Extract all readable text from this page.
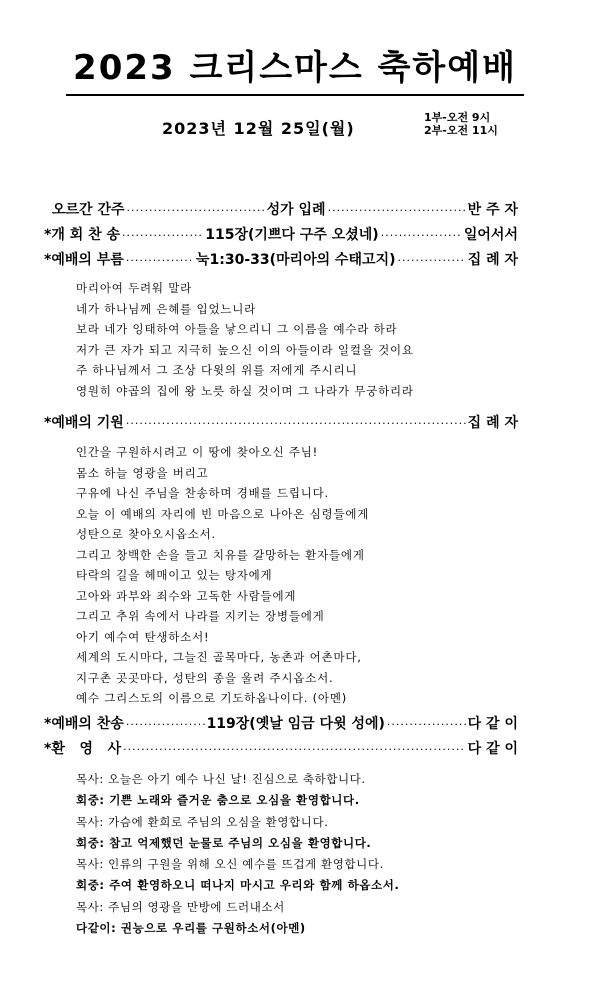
2023 크리스마스 축하예배
2023년 12월 25일(월)
1부-오전 9시
2부-오전 11시
오르간 간주 ·····	성가 입례 ·····	반 주 자
*개 회 찬 송 ·····	115장(기쁘다 구주 오셨네) ·····	일어서서
*예배의 부름 ·····	눅1:30-33(마리아의 수태고지) ·····	집 례 자
마리아여 두려워 말라
네가 하나님께 은혜를 입었느니라
보라 네가 잉태하여 아들을 낳으리니 그 이름을 예수라 하라
저가 큰 자가 되고 지극히 높으신 이의 아들이라 일컬을 것이요
주 하나님께서 그 조상 다윗의 위를 저에게 주시리니
영원히 야곱의 집에 왕 노릇 하실 것이며 그 나라가 무궁하리라
*예배의 기원 ·····	집 례 자
인간을 구원하시려고 이 땅에 찾아오신 주님!
몸소 하늘 영광을 버리고
구유에 나신 주님을 찬송하며 경배를 드립니다.
오늘 이 예배의 자리에 빈 마음으로 나아온 심령들에게
성탄으로 찾아오시옵소서.
그리고 창백한 손을 들고 치유를 갈망하는 환자들에게
타락의 길을 헤매이고 있는 탕자에게
고아와 과부와 죄수와 고독한 사람들에게
그리고 추위 속에서 나라를 지키는 장병들에게
아기 예수여 탄생하소서!
세계의 도시마다, 그늘진 골목마다, 농촌과 어촌마다,
지구촌 곳곳마다, 성탄의 종을 울려 주시옵소서.
예수 그리스도의 이름으로 기도하옵나이다. (아멘)
*예배의 찬송 ·····	119장(옛날 임금 다윗 성에) ·····	다 같 이
*환   영   사 ·····	다 같 이
목사: 오늘은 아기 예수 나신 날! 진심으로 축하합니다.
회중: 기쁜 노래와 즐거운 춤으로 오심을 환영합니다.
목사: 가슴에 환희로 주님의 오심을 환영합니다.
회중: 참고 억제했던 눈물로 주님의 오심을 환영합니다.
목사: 인류의 구원을 위해 오신 예수를 뜨겁게 환영합니다.
회중: 주여 환영하오니 떠나지 마시고 우리와 함께 하옵소서.
목사: 주님의 영광을 만방에 드러내소서
다같이: 권능으로 우리를 구원하소서(아멘)
